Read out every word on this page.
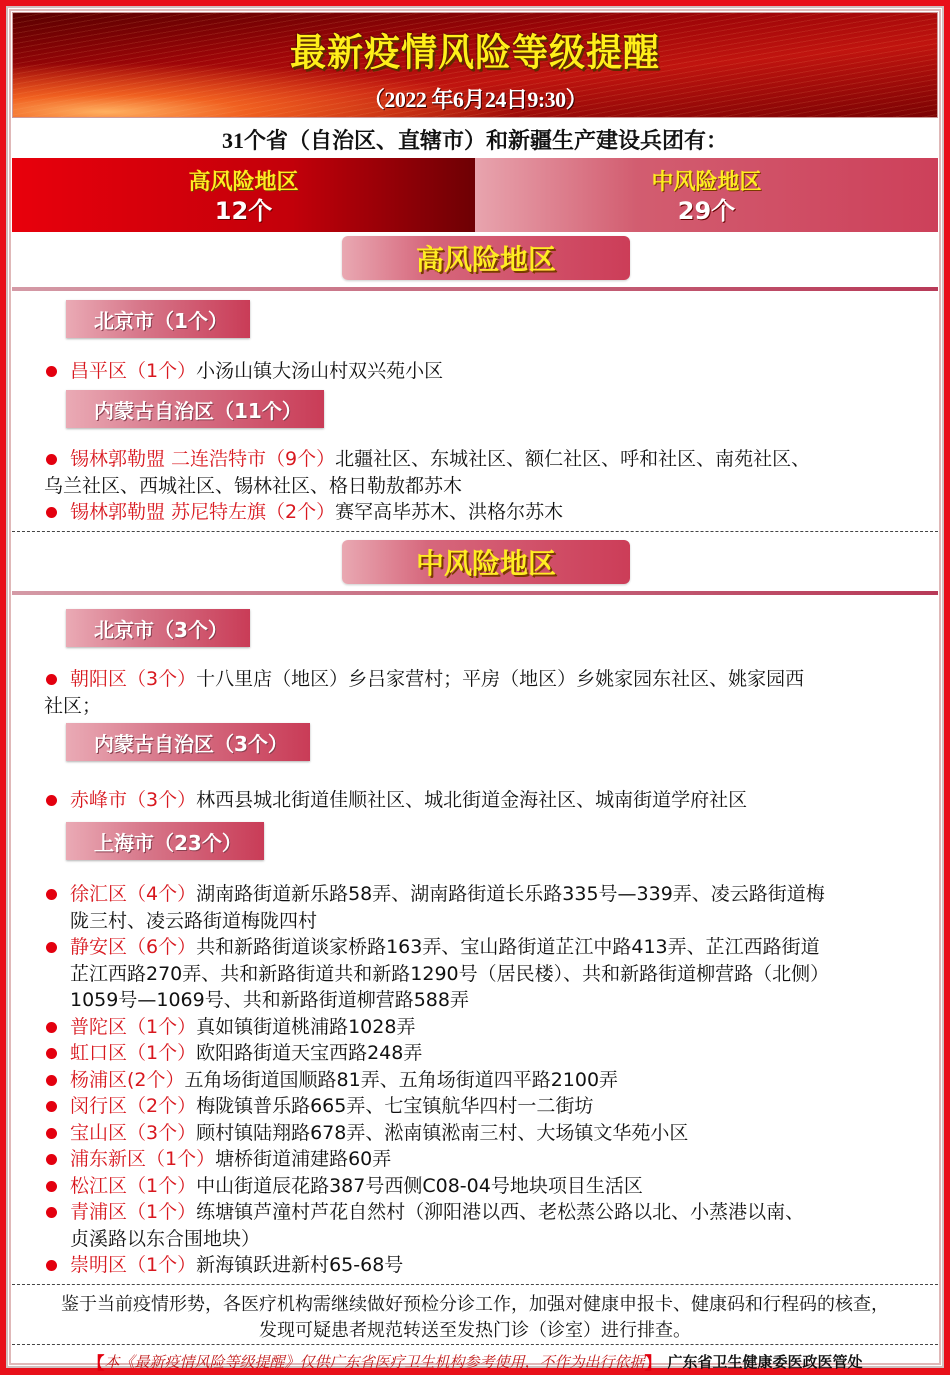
最新疫情风险等级提醒
（2022 年6月24日9:30）
31个省（自治区、直辖市）和新疆生产建设兵团有：
高风险地区
12个
中风险地区
29个
高风险地区
北京市（1个）
昌平区（1个）小汤山镇大汤山村双兴苑小区
内蒙古自治区（11个）
锡林郭勒盟 二连浩特市（9个）北疆社区、东城社区、额仁社区、呼和社区、南苑社区、
乌兰社区、西城社区、锡林社区、格日勒敖都苏木
锡林郭勒盟 苏尼特左旗（2个）赛罕高毕苏木、洪格尔苏木
中风险地区
北京市（3个）
朝阳区（3个）十八里店（地区）乡吕家营村；平房（地区）乡姚家园东社区、姚家园西
社区；
内蒙古自治区（3个）
赤峰市（3个）林西县城北街道佳顺社区、城北街道金海社区、城南街道学府社区
上海市（23个）
徐汇区（4个）湖南路街道新乐路58弄、湖南路街道长乐路335号—339弄、凌云路街道梅
陇三村、凌云路街道梅陇四村
静安区（6个）共和新路街道谈家桥路163弄、宝山路街道芷江中路413弄、芷江西路街道
芷江西路270弄、共和新路街道共和新路1290号（居民楼）、共和新路街道柳营路（北侧）
1059号—1069号、共和新路街道柳营路588弄
普陀区（1个）真如镇街道桃浦路1028弄
虹口区（1个）欧阳路街道天宝西路248弄
杨浦区(2个）五角场街道国顺路81弄、五角场街道四平路2100弄
闵行区（2个）梅陇镇普乐路665弄、七宝镇航华四村一二街坊
宝山区（3个）顾村镇陆翔路678弄、淞南镇淞南三村、大场镇文华苑小区
浦东新区（1个）塘桥街道浦建路60弄
松江区（1个）中山街道辰花路387号西侧C08-04号地块项目生活区
青浦区（1个）练塘镇芦潼村芦花自然村（泖阳港以西、老松蒸公路以北、小蒸港以南、
贞溪路以东合围地块）
崇明区（1个）新海镇跃进新村65-68号
鉴于当前疫情形势，各医疗机构需继续做好预检分诊工作，加强对健康申报卡、健康码和行程码的核查，
发现可疑患者规范转送至发热门诊（诊室）进行排查。
【 本《最新疫情风险等级提醒》仅供广东省医疗卫生机构参考使用，不作为出行依据 】 广东省卫生健康委医政医管处
